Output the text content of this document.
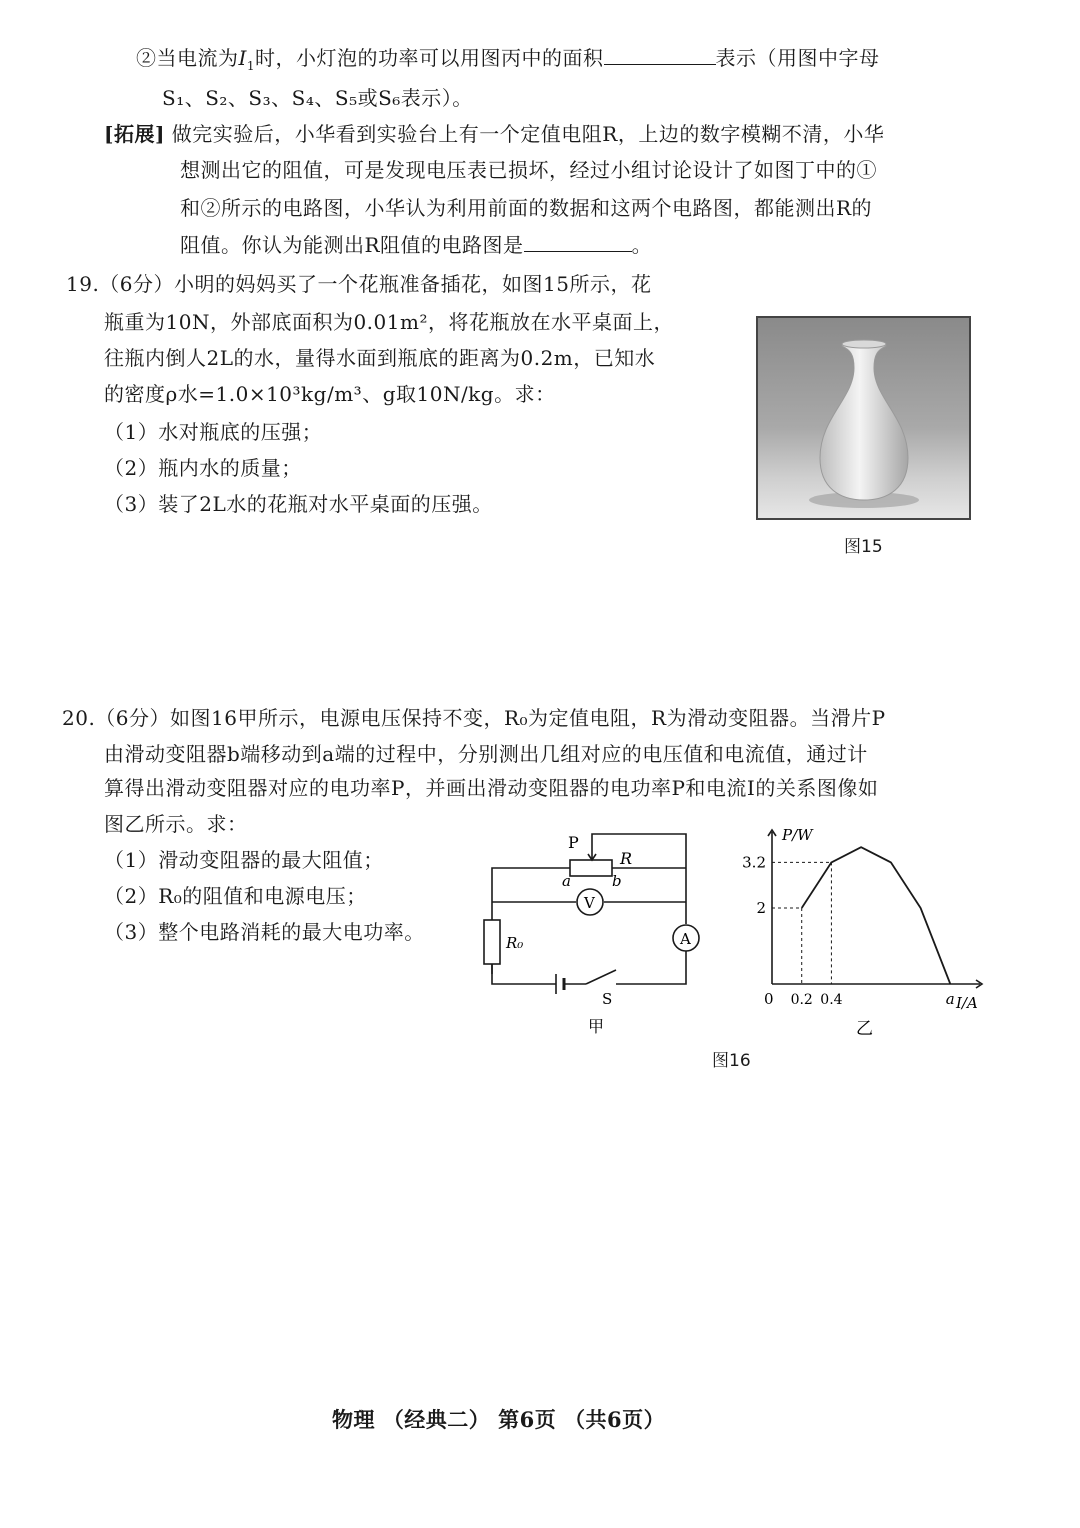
②当电流为$I_1$时，小灯泡的功率可以用图丙中的面积	表示（用图中字母
S₁、S₂、S₃、S₄、S₅或S₆表示）。
[拓展] 做完实验后，小华看到实验台上有一个定值电阻R，上边的数字模糊不清，小华
想测出它的阻值，可是发现电压表已损坏，经过小组讨论设计了如图丁中的①
和②所示的电路图，小华认为利用前面的数据和这两个电路图，都能测出R的
阻值。你认为能测出R阻值的电路图是	。
19.（6分）小明的妈妈买了一个花瓶准备插花，如图15所示，花
瓶重为10N，外部底面积为0.01m²，将花瓶放在水平桌面上，
往瓶内倒人2L的水，量得水面到瓶底的距离为0.2m，已知水
的密度ρ水=1.0×10³kg/m³、g取10N/kg。求：
（1）水对瓶底的压强；
（2）瓶内水的质量；
（3）装了2L水的花瓶对水平桌面的压强。
图15
20.（6分）如图16甲所示，电源电压保持不变，R₀为定值电阻，R为滑动变阻器。当滑片P
由滑动变阻器b端移动到a端的过程中，分别测出几组对应的电压值和电流值，通过计
算得出滑动变阻器对应的电功率P，并画出滑动变阻器的电功率P和电流I的关系图像如
图乙所示。求：
（1）滑动变阻器的最大阻值；
（2）R₀的阻值和电源电压；
（3）整个电路消耗的最大电功率。
P
R
a	b
V
A
R₀
S
甲
2
3.2
0.2 0.4	a
P/W
I/A
0
乙
图16
物理 （经典二） 第6页 （共6页）
